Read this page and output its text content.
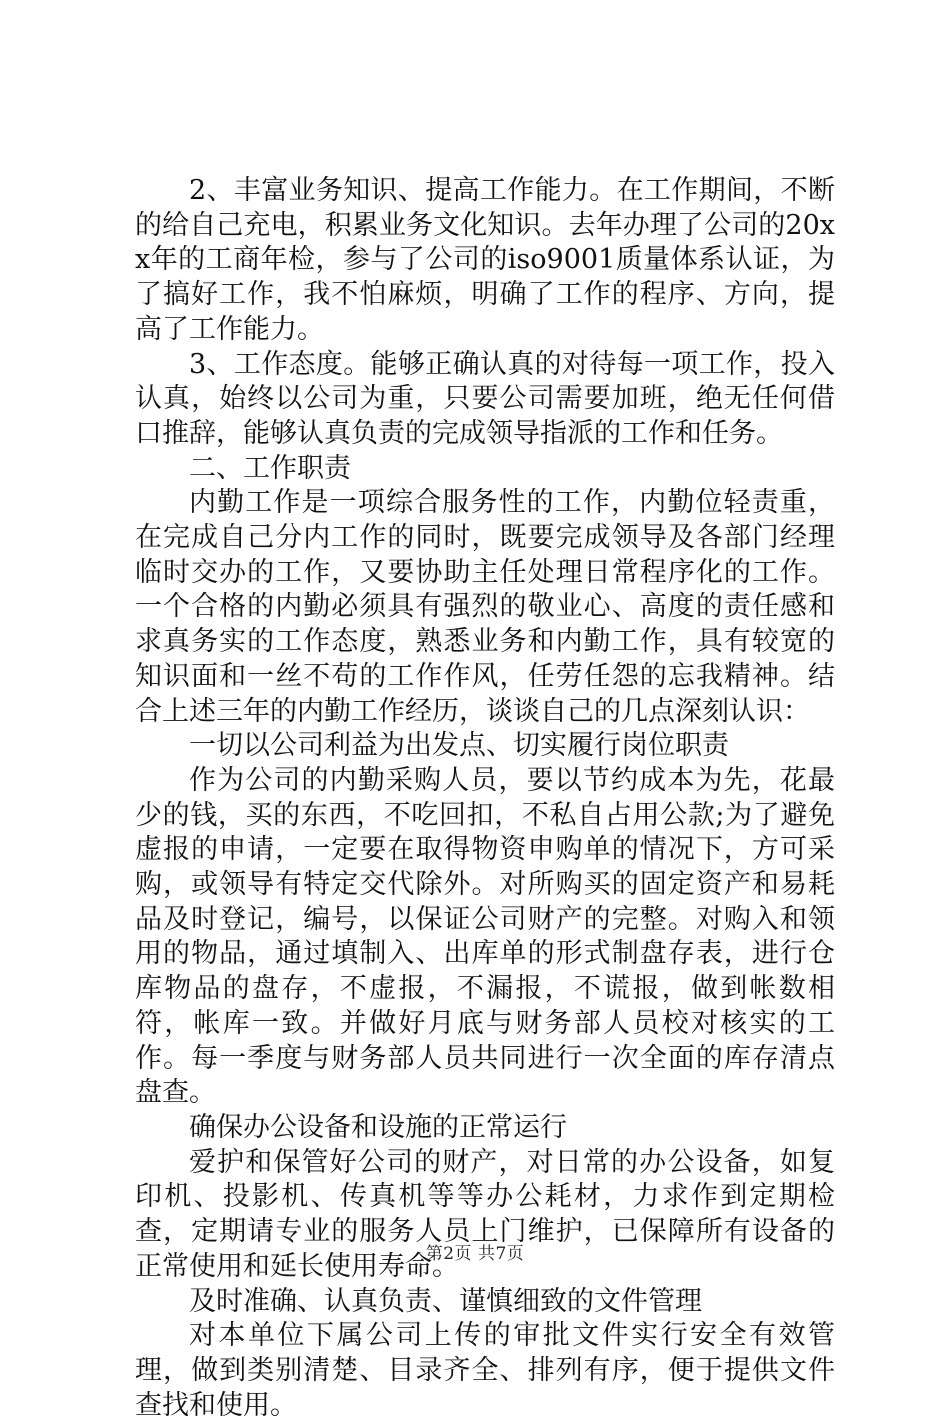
2、丰富业务知识、提高工作能力。在工作期间，不断的给自己充电，积累业务文化知识。去年办理了公司的20xx年的工商年检，参与了公司的iso9001质量体系认证，为了搞好工作，我不怕麻烦，明确了工作的程序、方向，提高了工作能力。

3、工作态度。能够正确认真的对待每一项工作，投入认真，始终以公司为重，只要公司需要加班，绝无任何借口推辞，能够认真负责的完成领导指派的工作和任务。

二、工作职责

内勤工作是一项综合服务性的工作，内勤位轻责重，在完成自己分内工作的同时，既要完成领导及各部门经理临时交办的工作，又要协助主任处理日常程序化的工作。一个合格的内勤必须具有强烈的敬业心、高度的责任感和求真务实的工作态度，熟悉业务和内勤工作，具有较宽的知识面和一丝不苟的工作作风，任劳任怨的忘我精神。结合上述三年的内勤工作经历，谈谈自己的几点深刻认识：

一切以公司利益为出发点、切实履行岗位职责

作为公司的内勤采购人员，要以节约成本为先，花最少的钱，买的东西，不吃回扣，不私自占用公款;为了避免虚报的申请，一定要在取得物资申购单的情况下，方可采购，或领导有特定交代除外。对所购买的固定资产和易耗品及时登记，编号，以保证公司财产的完整。对购入和领用的物品，通过填制入、出库单的形式制盘存表，进行仓库物品的盘存，不虚报，不漏报，不谎报，做到帐数相符，帐库一致。并做好月底与财务部人员校对核实的工作。每一季度与财务部人员共同进行一次全面的库存清点盘查。

确保办公设备和设施的正常运行

爱护和保管好公司的财产，对日常的办公设备，如复印机、投影机、传真机等等办公耗材，力求作到定期检查，定期请专业的服务人员上门维护，已保障所有设备的正常使用和延长使用寿命。

及时准确、认真负责、谨慎细致的文件管理

对本单位下属公司上传的审批文件实行安全有效管理，做到类别清楚、目录齐全、排列有序，便于提供文件查找和使用。

第2页 共7页
